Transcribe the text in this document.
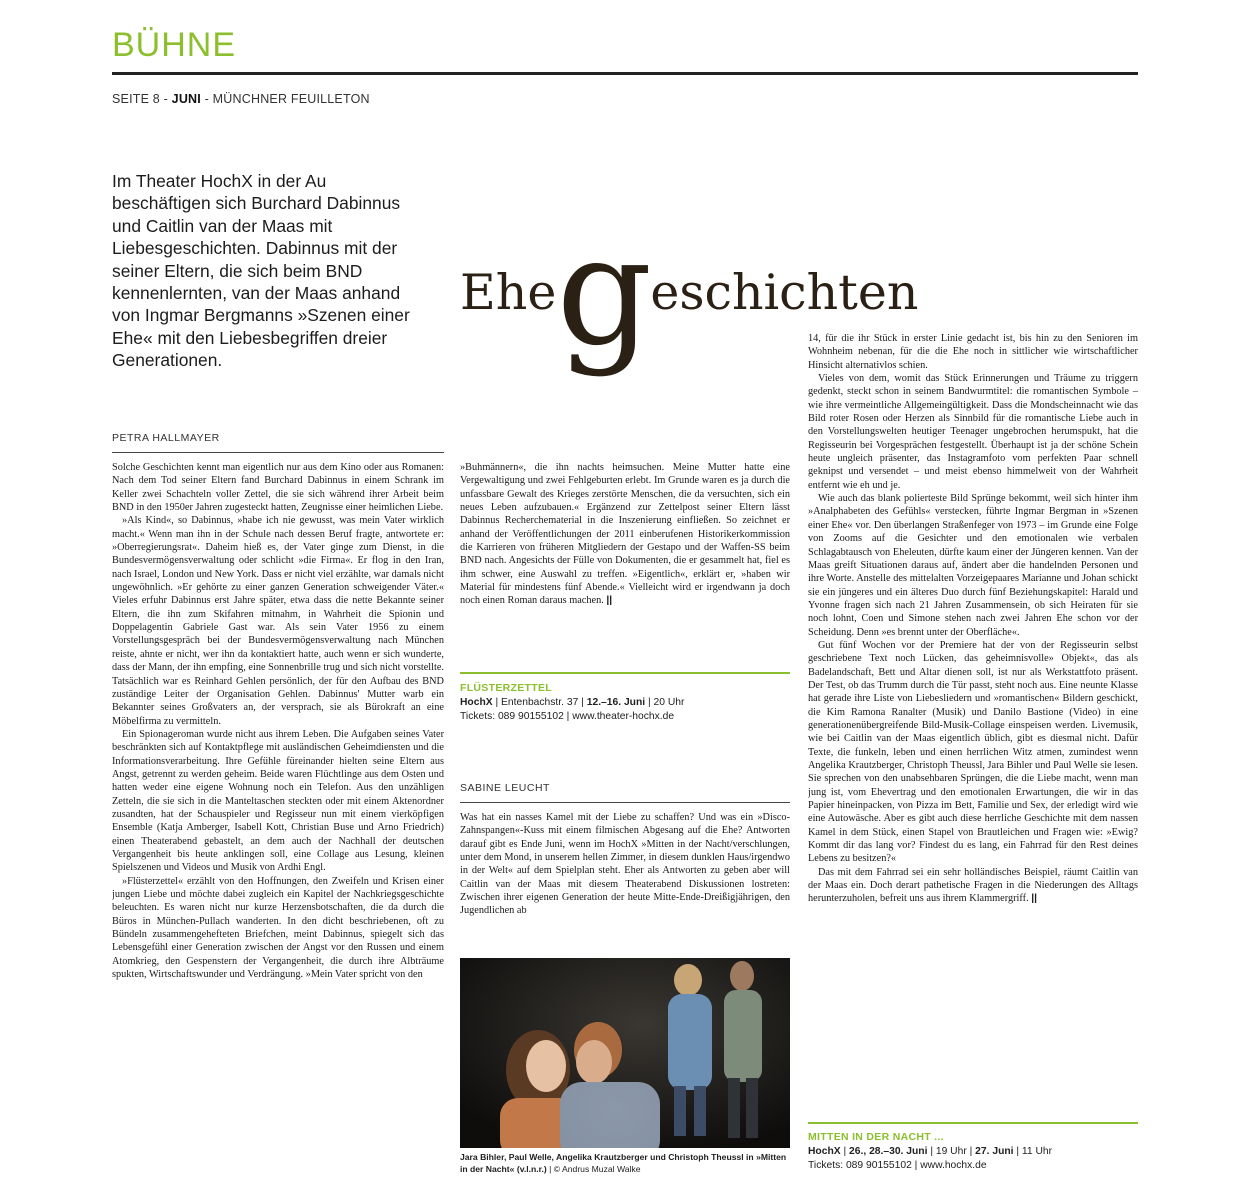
BÜHNE
SEITE 8 - JUNI - MÜNCHNER FEUILLETON
Im Theater HochX in der Au beschäftigen sich Burchard Dabinnus und Caitlin van der Maas mit Liebesgeschichten. Dabinnus mit der seiner Eltern, die sich beim BND kennenlernten, van der Maas anhand von Ingmar Bergmanns »Szenen einer Ehe« mit den Liebesbegriffen dreier Generationen.
Ehegeschichten
PETRA HALLMAYER

Solche Geschichten kennt man eigentlich nur aus dem Kino oder aus Romanen: Nach dem Tod seiner Eltern fand Burchard Dabinnus in einem Schrank im Keller zwei Schachteln voller Zettel, die sie sich während ihrer Arbeit beim BND in den 1950er Jahren zugesteckt hatten, Zeugnisse einer heimlichen Liebe.

»Als Kind«, so Dabinnus, »habe ich nie gewusst, was mein Vater wirklich macht.« Wenn man ihn in der Schule nach dessen Beruf fragte, antwortete er: »Oberregierungsrat«. Daheim hieß es, der Vater ginge zum Dienst, in die Bundesvermögensverwaltung oder schlicht »die Firma«. Er flog in den Iran, nach Israel, London und New York. Dass er nicht viel erzählte, war damals nicht ungewöhnlich. »Er gehörte zu einer ganzen Generation schweigender Väter.« Vieles erfuhr Dabinnus erst Jahre später, etwa dass die nette Bekannte seiner Eltern, die ihn zum Skifahren mitnahm, in Wahrheit die Spionin und Doppelagentin Gabriele Gast war. Als sein Vater 1956 zu einem Vorstellungsgespräch bei der Bundesvermögensverwaltung nach München reiste, ahnte er nicht, wer ihn da kontaktiert hatte, auch wenn er sich wunderte, dass der Mann, der ihn empfing, eine Sonnenbrille trug und sich nicht vorstellte. Tatsächlich war es Reinhard Gehlen persönlich, der für den Aufbau des BND zuständige Leiter der Organisation Gehlen. Dabinnus' Mutter warb ein Bekannter seines Großvaters an, der versprach, sie als Bürokraft an eine Möbelfirma zu vermitteln.

Ein Spionageroman wurde nicht aus ihrem Leben. Die Aufgaben seines Vater beschränkten sich auf Kontaktpflege mit ausländischen Geheimdiensten und die Informationsverarbeitung. Ihre Gefühle füreinander hielten seine Eltern aus Angst, getrennt zu werden geheim. Beide waren Flüchtlinge aus dem Osten und hatten weder eine eigene Wohnung noch ein Telefon. Aus den unzähligen Zetteln, die sie sich in die Manteltaschen steckten oder mit einem Aktenordner zusandten, hat der Schauspieler und Regisseur nun mit einem vierköpfigen Ensemble (Katja Amberger, Isabell Kott, Christian Buse und Arno Friedrich) einen Theaterabend gebastelt, an dem auch der Nachhall der deutschen Vergangenheit bis heute anklingen soll, eine Collage aus Lesung, kleinen Spielszenen und Videos und Musik von Ardhi Engl.

»Flüsterzettel« erzählt von den Hoffnungen, den Zweifeln und Krisen einer jungen Liebe und möchte dabei zugleich ein Kapitel der Nachkriegsgeschichte beleuchten. Es waren nicht nur kurze Herzensbotschaften, die da durch die Büros in München-Pullach wanderten. In den dicht beschriebenen, oft zu Bündeln zusammengehefteten Briefchen, meint Dabinnus, spiegelt sich das Lebensgefühl einer Generation zwischen der Angst vor den Russen und einem Atomkrieg, den Gespenstern der Vergangenheit, die durch ihre Albträume spukten, Wirtschaftswunder und Verdrängung. »Mein Vater spricht von den

»Buhmännern«, die ihn nachts heimsuchen. Meine Mutter hatte eine Vergewaltigung und zwei Fehlgeburten erlebt. Im Grunde waren es ja durch die unfassbare Gewalt des Krieges zerstörte Menschen, die da versuchten, sich ein neues Leben aufzubauen.« Ergänzend zur Zettelpost seiner Eltern lässt Dabinnus Recherchematerial in die Inszenierung einfließen. So zeichnet er anhand der Veröffentlichungen der 2011 einberufenen Historikerkommission die Karrieren von früheren Mitgliedern der Gestapo und der Waffen-SS beim BND nach. Angesichts der Fülle von Dokumenten, die er gesammelt hat, fiel es ihm schwer, eine Auswahl zu treffen. »Eigentlich«, erklärt er, »haben wir Material für mindestens fünf Abende.« Vielleicht wird er irgendwann ja doch noch einen Roman daraus machen. ||

FLÜSTERZETTEL
HochX | Entenbachstr. 37 | 12.–16. Juni | 20 Uhr
Tickets: 089 90155102 | www.theater-hochx.de
SABINE LEUCHT

Was hat ein nasses Kamel mit der Liebe zu schaffen? Und was ein »Disco-Zahnspangen«-Kuss mit einem filmischen Abgesang auf die Ehe? Antworten darauf gibt es Ende Juni, wenn im HochX »Mitten in der Nacht/verschlungen, unter dem Mond, in unserem hellen Zimmer, in diesem dunklen Haus/irgendwo in der Welt« auf dem Spielplan steht. Eher als Antworten zu geben aber will Caitlin van der Maas mit diesem Theaterabend Diskussionen lostreten: Zwischen ihrer eigenen Generation der heute Mitte-Ende-Dreißigjährigen, den Jugendlichen ab

Jara Bihler, Paul Welle, Angelika Krautzberger und Christoph Theussl in »Mitten in der Nacht« (v.l.n.r.) | © Andrus Muzal Walke

14, für die ihr Stück in erster Linie gedacht ist, bis hin zu den Senioren im Wohnheim nebenan, für die die Ehe noch in sittlicher wie wirtschaftlicher Hinsicht alternativlos schien.

Vieles von dem, womit das Stück Erinnerungen und Träume zu triggern gedenkt, steckt schon in seinem Bandwurmtitel: die romantischen Symbole – wie ihre vermeintliche Allgemeingültigkeit. Dass die Mondscheinnacht wie das Bild roter Rosen oder Herzen als Sinnbild für die romantische Liebe auch in den Vorstellungswelten heutiger Teenager ungebrochen herumspukt, hat die Regisseurin bei Vorgesprächen festgestellt. Überhaupt ist ja der schöne Schein heute ungleich präsenter, das Instagramfoto vom perfekten Paar schnell geknipst und versendet – und meist ebenso himmelweit von der Wahrheit entfernt wie eh und je.

Wie auch das blank polierteste Bild Sprünge bekommt, weil sich hinter ihm »Analphabeten des Gefühls« verstecken, führte Ingmar Bergman in »Szenen einer Ehe« vor. Den überlangen Straßenfeger von 1973 – im Grunde eine Folge von Zooms auf die Gesichter und den emotionalen wie verbalen Schlagabtausch von Eheleuten, dürfte kaum einer der Jüngeren kennen. Van der Maas greift Situationen daraus auf, ändert aber die handelnden Personen und ihre Worte. Anstelle des mittelalten Vorzeigepaares Marianne und Johan schickt sie ein jüngeres und ein älteres Duo durch fünf Beziehungskapitel: Harald und Yvonne fragen sich nach 21 Jahren Zusammensein, ob sich Heiraten für sie noch lohnt, Coen und Simone stehen nach zwei Jahren Ehe schon vor der Scheidung. Denn »es brennt unter der Oberfläche«.

Gut fünf Wochen vor der Premiere hat der von der Regisseurin selbst geschriebene Text noch Lücken, das geheimnisvolle» Objekt«, das als Badelandschaft, Bett und Altar dienen soll, ist nur als Werkstattfoto präsent. Der Test, ob das Trumm durch die Tür passt, steht noch aus. Eine neunte Klasse hat gerade ihre Liste von Liebesliedern und »romantischen« Bildern geschickt, die Kim Ramona Ranalter (Musik) und Danilo Bastione (Video) in eine generationenübergreifende Bild-Musik-Collage einspeisen werden. Livemusik, wie bei Caitlin van der Maas eigentlich üblich, gibt es diesmal nicht. Dafür Texte, die funkeln, leben und einen herrlichen Witz atmen, zumindest wenn Angelika Krautzberger, Christoph Theussl, Jara Bihler und Paul Welle sie lesen. Sie sprechen von den unabsehbaren Sprüngen, die die Liebe macht, wenn man jung ist, vom Ehevertrag und den emotionalen Erwartungen, die wir in das Papier hineinpacken, von Pizza im Bett, Familie und Sex, der erledigt wird wie eine Autowäsche. Aber es gibt auch diese herrliche Geschichte mit dem nassen Kamel in dem Stück, einen Stapel von Brautleichen und Fragen wie: »Ewig? Kommt dir das lang vor? Findest du es lang, ein Fahrrad für den Rest deines Lebens zu besitzen?«

Das mit dem Fahrrad sei ein sehr holländisches Beispiel, räumt Caitlin van der Maas ein. Doch derart pathetische Fragen in die Niederungen des Alltags herunterzuholen, befreit uns aus ihrem Klammergriff. ||

MITTEN IN DER NACHT ...
HochX | 26., 28.–30. Juni | 19 Uhr | 27. Juni | 11 Uhr
Tickets: 089 90155102 | www.hochx.de
